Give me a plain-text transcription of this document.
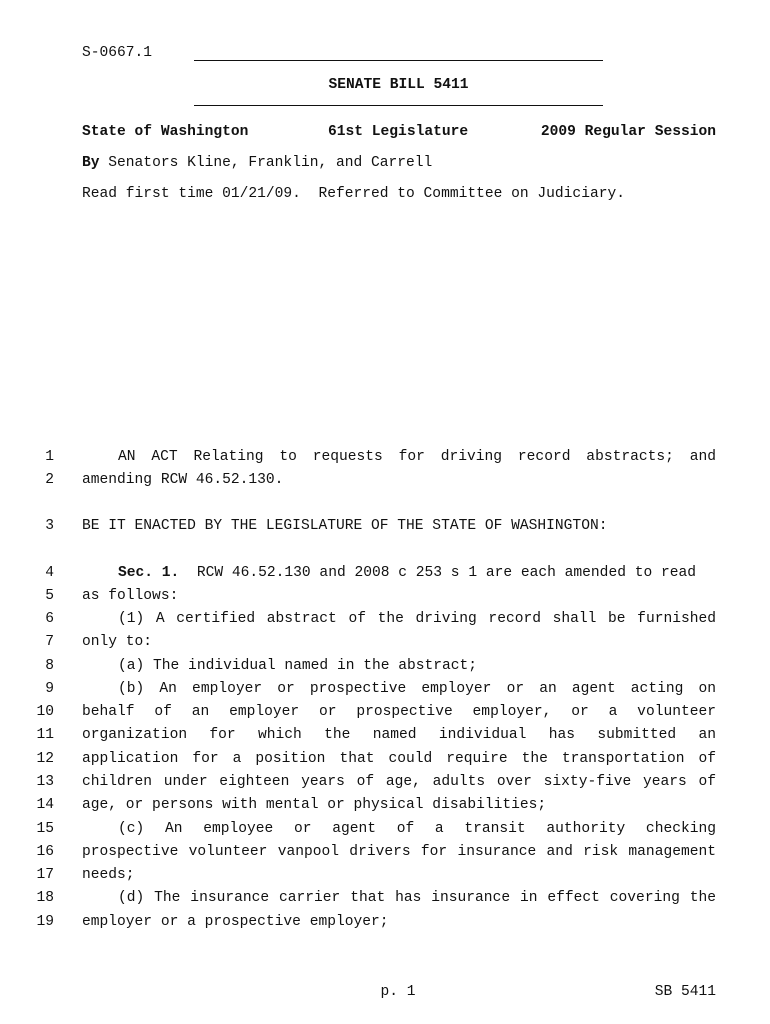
S-0667.1
SENATE BILL 5411
State of Washington	61st Legislature	2009 Regular Session
By Senators Kline, Franklin, and Carrell
Read first time 01/21/09.  Referred to Committee on Judiciary.
1	AN ACT Relating to requests for driving record abstracts; and
2 amending RCW 46.52.130.
3 BE IT ENACTED BY THE LEGISLATURE OF THE STATE OF WASHINGTON:
4	Sec. 1. RCW 46.52.130 and 2008 c 253 s 1 are each amended to read
5 as follows:
6	(1) A certified abstract of the driving record shall be furnished
7 only to:
8	(a) The individual named in the abstract;
9	(b) An employer or prospective employer or an agent acting on
10 behalf of an employer or prospective employer, or a volunteer
11 organization for which the named individual has submitted an
12 application for a position that could require the transportation of
13 children under eighteen years of age, adults over sixty-five years of
14 age, or persons with mental or physical disabilities;
15	(c) An employee or agent of a transit authority checking
16 prospective volunteer vanpool drivers for insurance and risk management
17 needs;
18	(d) The insurance carrier that has insurance in effect covering the
19 employer or a prospective employer;
p. 1	SB 5411
